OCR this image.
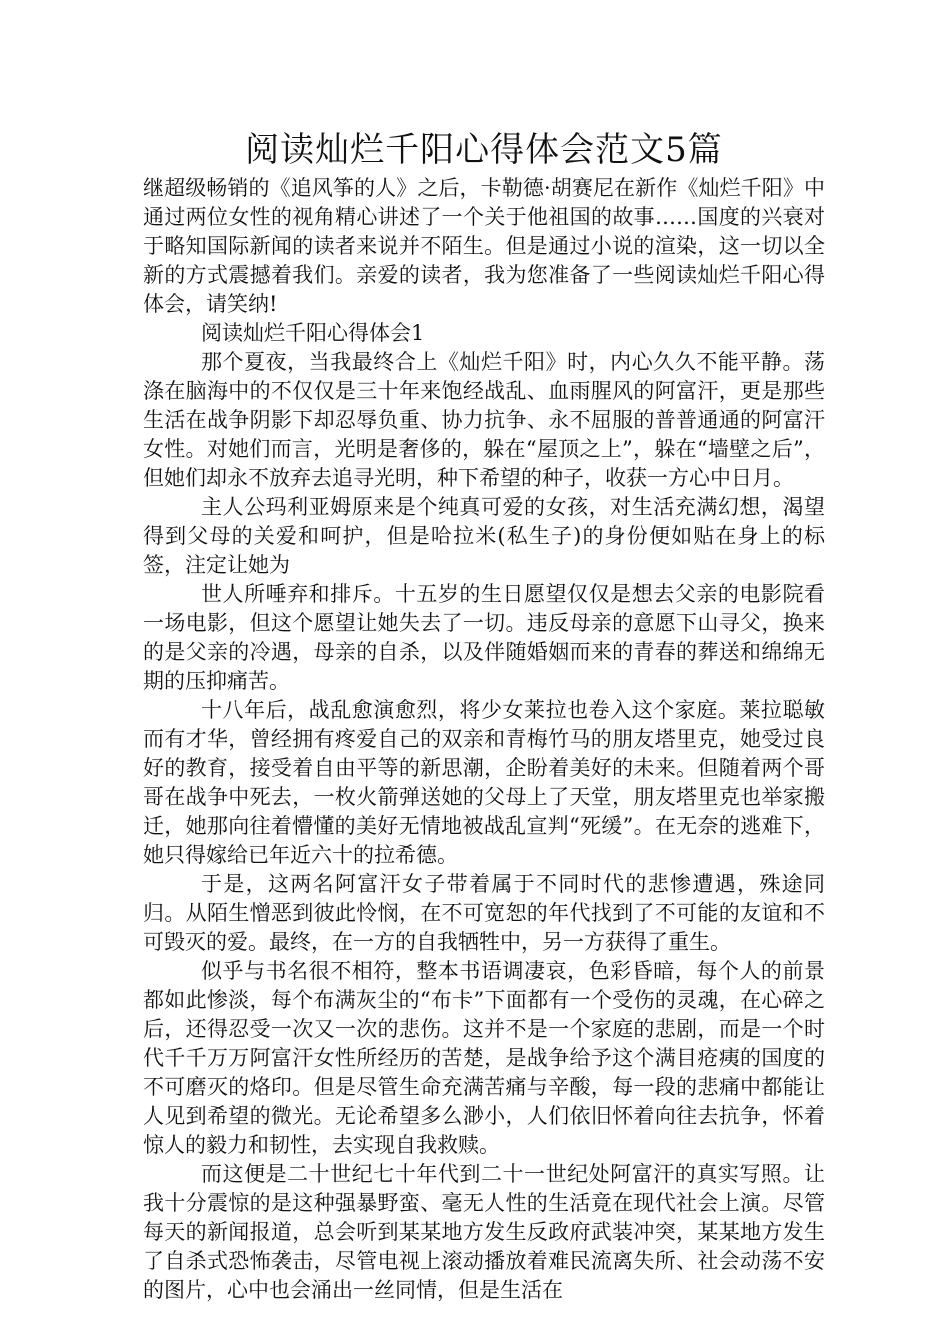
阅读灿烂千阳心得体会范文5篇

继超级畅销的《追风筝的人》之后，卡勒德·胡赛尼在新作《灿烂千阳》中通过两位女性的视角精心讲述了一个关于他祖国的故事……国度的兴衰对于略知国际新闻的读者来说并不陌生。但是通过小说的渲染，这一切以全新的方式震撼着我们。亲爱的读者，我为您准备了一些阅读灿烂千阳心得体会，请笑纳!

阅读灿烂千阳心得体会1

那个夏夜，当我最终合上《灿烂千阳》时，内心久久不能平静。荡涤在脑海中的不仅仅是三十年来饱经战乱、血雨腥风的阿富汗，更是那些生活在战争阴影下却忍辱负重、协力抗争、永不屈服的普普通通的阿富汗女性。对她们而言，光明是奢侈的，躲在“屋顶之上”，躲在“墙壁之后”，但她们却永不放弃去追寻光明，种下希望的种子，收获一方心中日月。

主人公玛利亚姆原来是个纯真可爱的女孩，对生活充满幻想，渴望得到父母的关爱和呵护，但是哈拉米(私生子)的身份便如贴在身上的标签，注定让她为

世人所唾弃和排斥。十五岁的生日愿望仅仅是想去父亲的电影院看一场电影，但这个愿望让她失去了一切。违反母亲的意愿下山寻父，换来的是父亲的冷遇，母亲的自杀，以及伴随婚姻而来的青春的葬送和绵绵无期的压抑痛苦。

十八年后，战乱愈演愈烈，将少女莱拉也卷入这个家庭。莱拉聪敏而有才华，曾经拥有疼爱自己的双亲和青梅竹马的朋友塔里克，她受过良好的教育，接受着自由平等的新思潮，企盼着美好的未来。但随着两个哥哥在战争中死去，一枚火箭弹送她的父母上了天堂，朋友塔里克也举家搬迁，她那向往着懵懂的美好无情地被战乱宣判“死缓”。在无奈的逃难下，她只得嫁给已年近六十的拉希德。

于是，这两名阿富汗女子带着属于不同时代的悲惨遭遇，殊途同归。从陌生憎恶到彼此怜悯，在不可宽恕的年代找到了不可能的友谊和不可毁灭的爱。最终，在一方的自我牺牲中，另一方获得了重生。

似乎与书名很不相符，整本书语调凄哀，色彩昏暗，每个人的前景都如此惨淡，每个布满灰尘的“布卡”下面都有一个受伤的灵魂，在心碎之后，还得忍受一次又一次的悲伤。这并不是一个家庭的悲剧，而是一个时代千千万万阿富汗女性所经历的苦楚，是战争给予这个满目疮痍的国度的不可磨灭的烙印。但是尽管生命充满苦痛与辛酸，每一段的悲痛中都能让人见到希望的微光。无论希望多么渺小，人们依旧怀着向往去抗争，怀着惊人的毅力和韧性，去实现自我救赎。

而这便是二十世纪七十年代到二十一世纪处阿富汗的真实写照。让我十分震惊的是这种强暴野蛮、毫无人性的生活竟在现代社会上演。尽管每天的新闻报道，总会听到某某地方发生反政府武装冲突，某某地方发生了自杀式恐怖袭击，尽管电视上滚动播放着难民流离失所、社会动荡不安的图片，心中也会涌出一丝同情，但是生活在
